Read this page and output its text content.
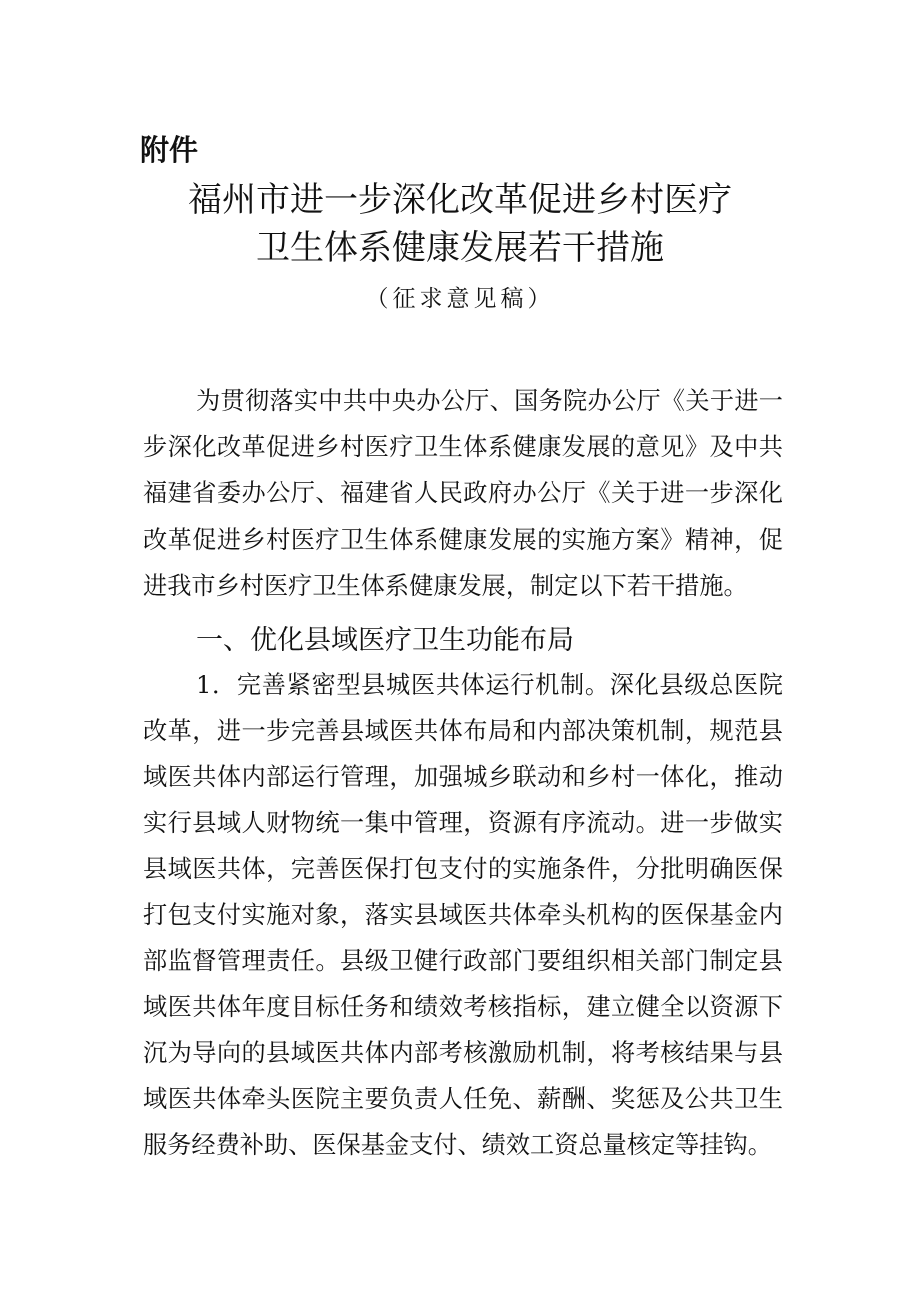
附件
福州市进一步深化改革促进乡村医疗
卫生体系健康发展若干措施
（征求意见稿）
为贯彻落实中共中央办公厅、国务院办公厅《关于进一
步深化改革促进乡村医疗卫生体系健康发展的意见》及中共
福建省委办公厅、福建省人民政府办公厅《关于进一步深化
改革促进乡村医疗卫生体系健康发展的实施方案》精神，促
进我市乡村医疗卫生体系健康发展，制定以下若干措施。
一、优化县域医疗卫生功能布局
1．完善紧密型县城医共体运行机制。深化县级总医院
改革，进一步完善县域医共体布局和内部决策机制，规范县
域医共体内部运行管理，加强城乡联动和乡村一体化，推动
实行县域人财物统一集中管理，资源有序流动。进一步做实
县域医共体，完善医保打包支付的实施条件，分批明确医保
打包支付实施对象，落实县域医共体牵头机构的医保基金内
部监督管理责任。县级卫健行政部门要组织相关部门制定县
域医共体年度目标任务和绩效考核指标，建立健全以资源下
沉为导向的县域医共体内部考核激励机制，将考核结果与县
域医共体牵头医院主要负责人任免、薪酬、奖惩及公共卫生
服务经费补助、医保基金支付、绩效工资总量核定等挂钩。
